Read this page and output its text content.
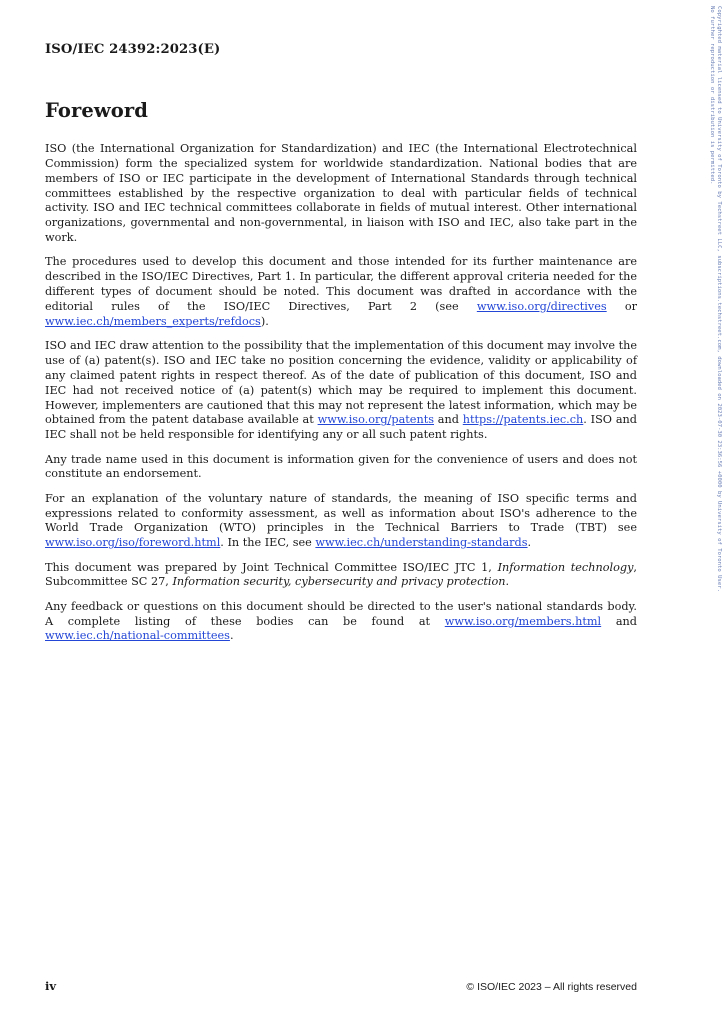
ISO/IEC 24392:2023(E)
Foreword

ISO (the International Organization for Standardization) and IEC (the International Electrotechnical Commission) form the specialized system for worldwide standardization. National bodies that are members of ISO or IEC participate in the development of International Standards through technical committees established by the respective organization to deal with particular fields of technical activity. ISO and IEC technical committees collaborate in fields of mutual interest. Other international organizations, governmental and non-governmental, in liaison with ISO and IEC, also take part in the work.

The procedures used to develop this document and those intended for its further maintenance are described in the ISO/IEC Directives, Part 1. In particular, the different approval criteria needed for the different types of document should be noted. This document was drafted in accordance with the editorial rules of the ISO/IEC Directives, Part 2 (see www.iso.org/directives or www.iec.ch/members_experts/refdocs).

ISO and IEC draw attention to the possibility that the implementation of this document may involve the use of (a) patent(s). ISO and IEC take no position concerning the evidence, validity or applicability of any claimed patent rights in respect thereof. As of the date of publication of this document, ISO and IEC had not received notice of (a) patent(s) which may be required to implement this document. However, implementers are cautioned that this may not represent the latest information, which may be obtained from the patent database available at www.iso.org/patents and https://patents.iec.ch. ISO and IEC shall not be held responsible for identifying any or all such patent rights.

Any trade name used in this document is information given for the convenience of users and does not constitute an endorsement.

For an explanation of the voluntary nature of standards, the meaning of ISO specific terms and expressions related to conformity assessment, as well as information about ISO's adherence to the World Trade Organization (WTO) principles in the Technical Barriers to Trade (TBT) see www.iso.org/iso/foreword.html. In the IEC, see www.iec.ch/understanding-standards.

This document was prepared by Joint Technical Committee ISO/IEC JTC 1, Information technology, Subcommittee SC 27, Information security, cybersecurity and privacy protection.

Any feedback or questions on this document should be directed to the user's national standards body. A complete listing of these bodies can be found at www.iso.org/members.html and www.iec.ch/national-committees.

iv	© ISO/IEC 2023 – All rights reserved
Copyrighted material licensed to University of Toronto by Techstreet LLC, subscriptions.techstreet.com, downloaded on 2023-07-30 23:36:56 +0000 by University of Toronto User.
No further reproduction or distribution is permitted.
